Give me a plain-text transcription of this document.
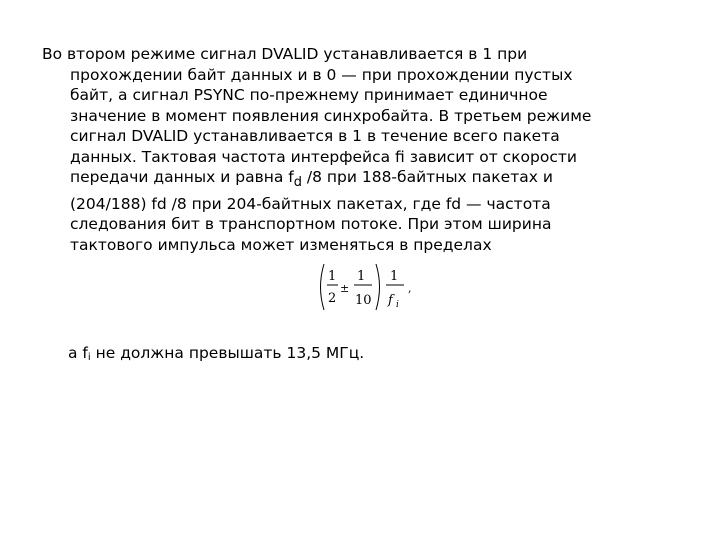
Во втором режиме сигнал DVALID устанавливается в 1 при
прохождении байт данных и в 0 — при прохождении пустых
байт, а сигнал PSYNC по-прежнему принимает единичное
значение в момент появления синхробайта. В третьем режиме
сигнал DVALID устанавливается в 1 в течение всего пакета
данных. Тактовая частота интерфейса fi зависит от скорости
передачи данных и равна $f_d$ /8 при 188-байтных пакетах и
(204/188) fd /8 при 204-байтных пакетах, где fd — частота
следования бит в транспортном потоке. При этом ширина
тактового импульса может изменяться в пределах

1
2
±
1
10
1
f i
,
а $f_i$ не должна превышать 13,5 МГц.
